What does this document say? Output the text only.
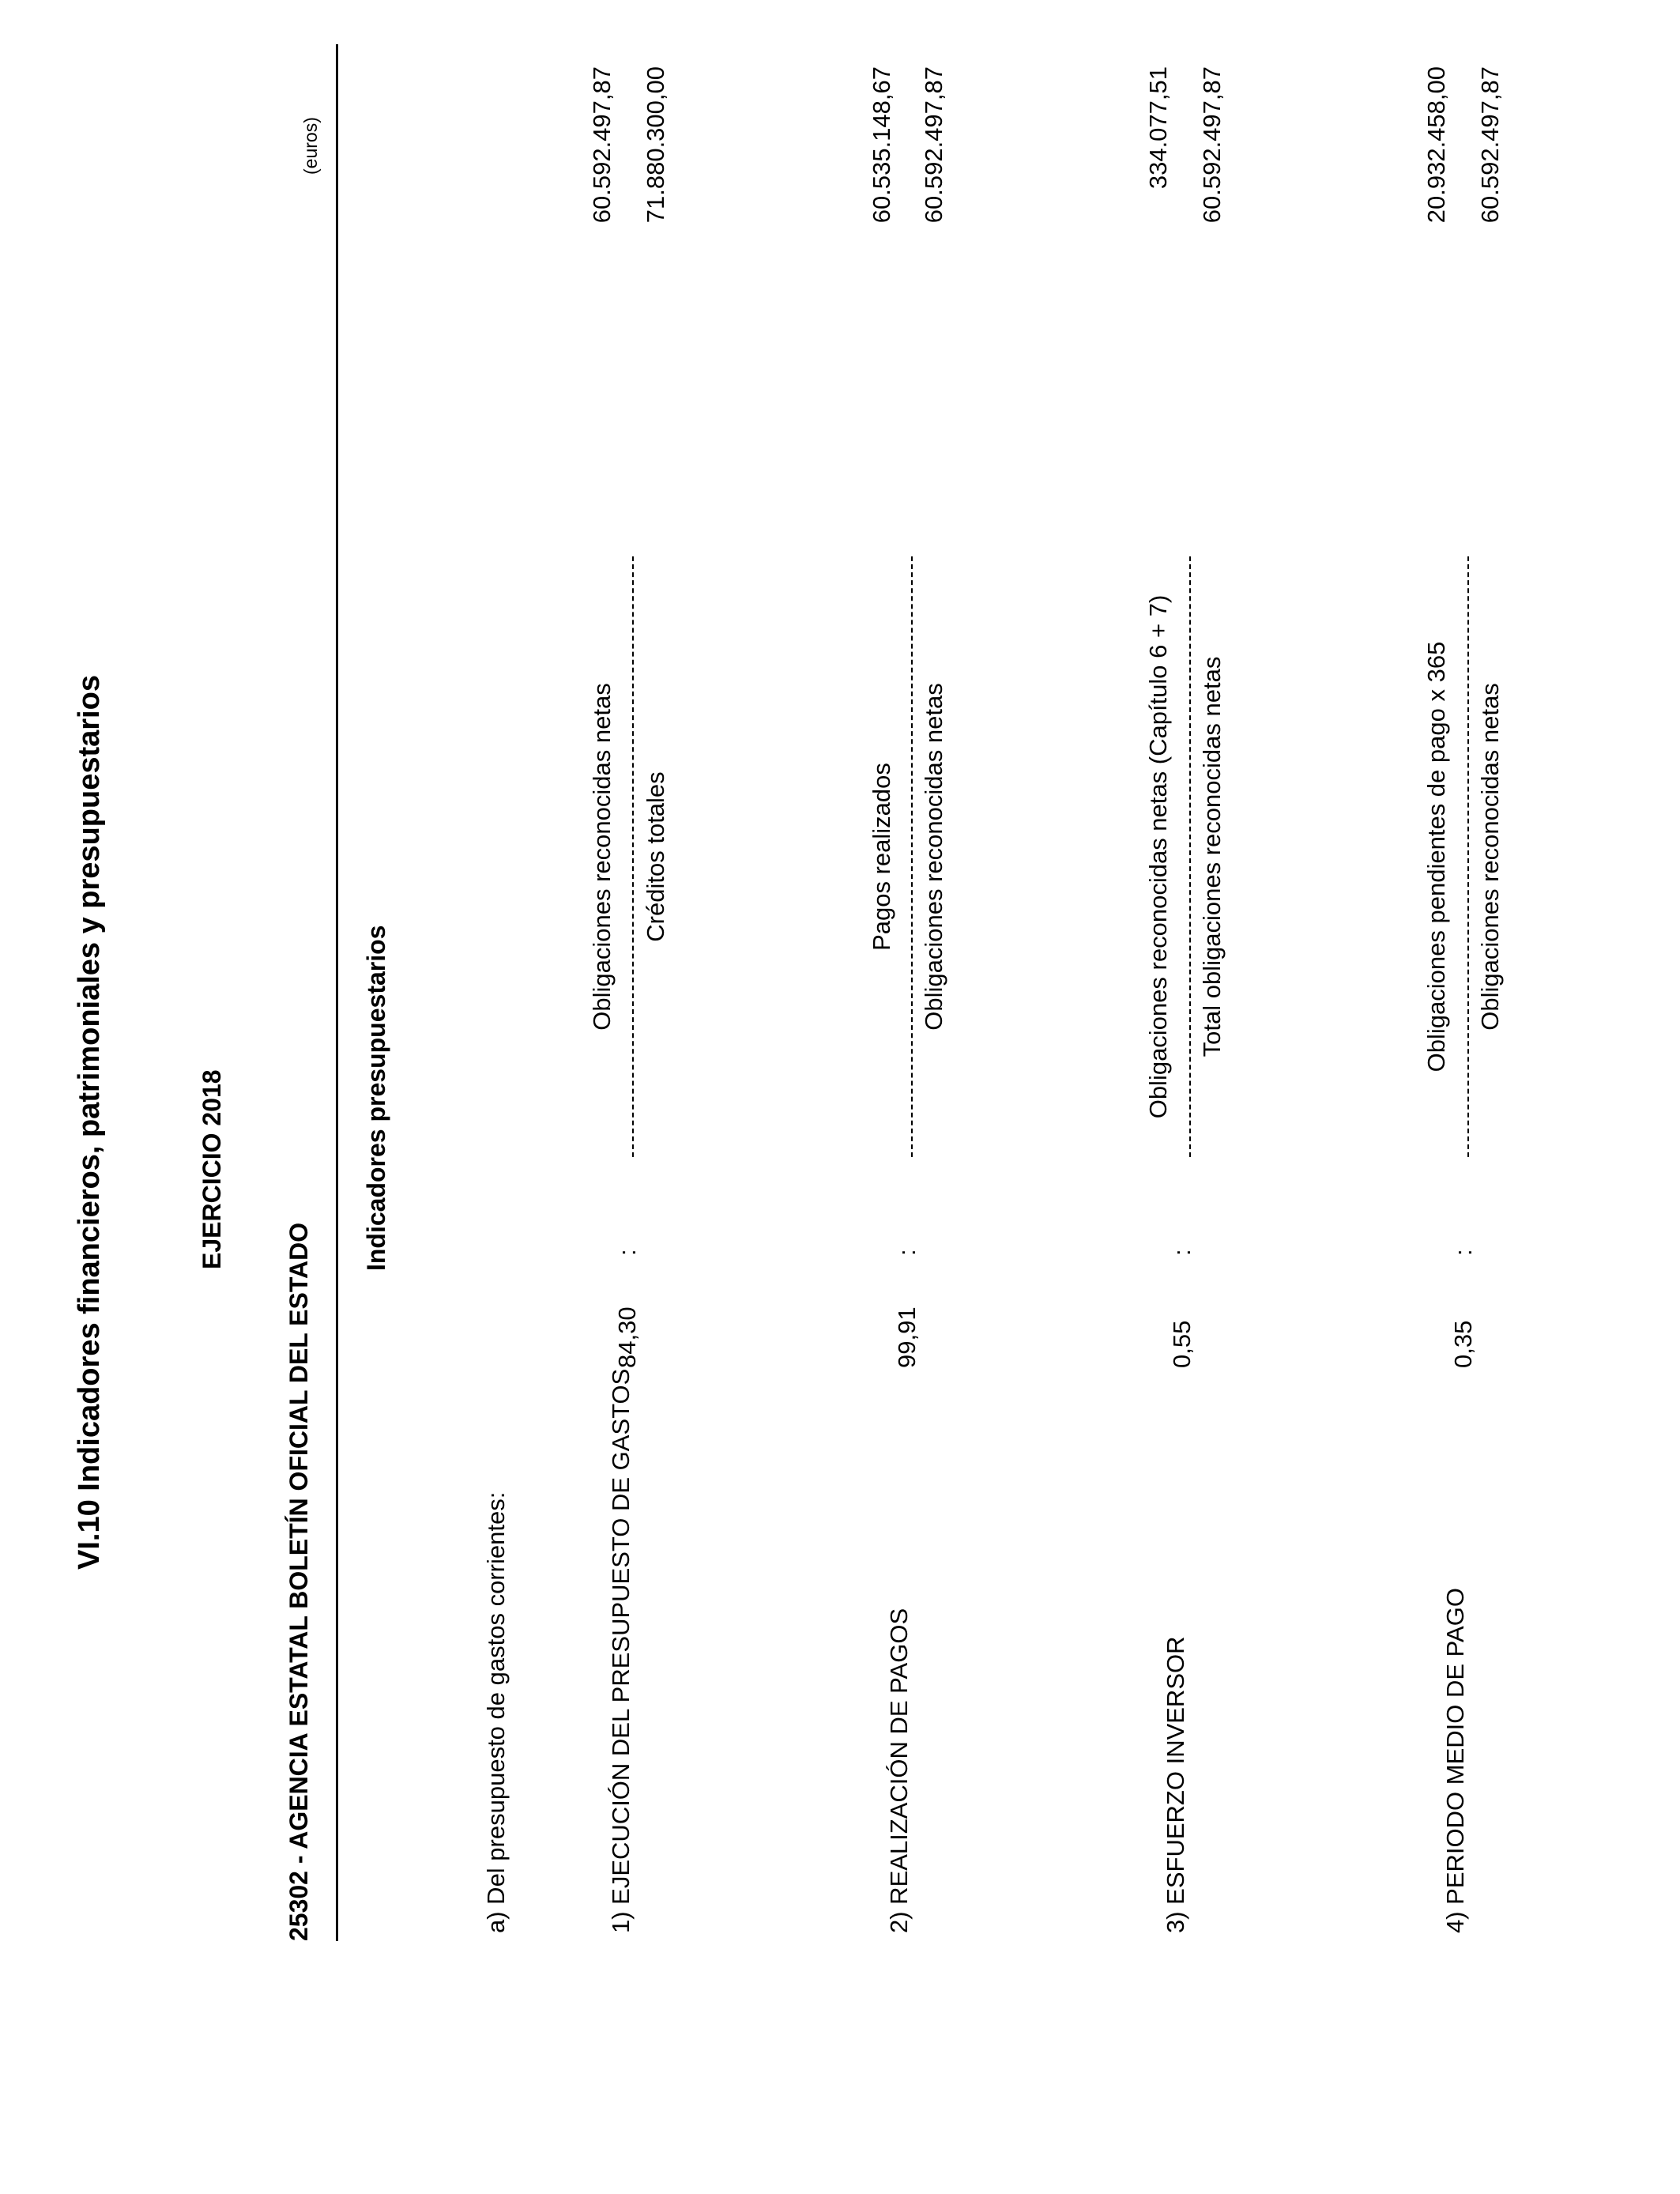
VI.10 Indicadores financieros, patrimoniales y presupuestarios	EJERCICIO 2018
25302 - AGENCIA ESTATAL BOLETÍN OFICIAL DEL ESTADO
(euros)
Indicadores presupuestarios
a) Del presupuesto de gastos corrientes:	1) EJECUCIÓN DEL PRESUPUESTO DE GASTOS
84,30
:
Obligaciones reconocidas netas Créditos totales
60.592.497,87 71.880.300,00
2) REALIZACIÓN DE PAGOS
99,91
:
Pagos realizados Obligaciones reconocidas netas
60.535.148,67 60.592.497,87
3) ESFUERZO INVERSOR
0,55
:
Obligaciones reconocidas netas (Capítulo 6 + 7) Total obligaciones reconocidas netas
334.077,51 60.592.497,87
4) PERIODO MEDIO DE PAGO
0,35
:
Obligaciones pendientes de pago x 365 Obligaciones reconocidas netas
20.932.458,00 60.592.497,87
